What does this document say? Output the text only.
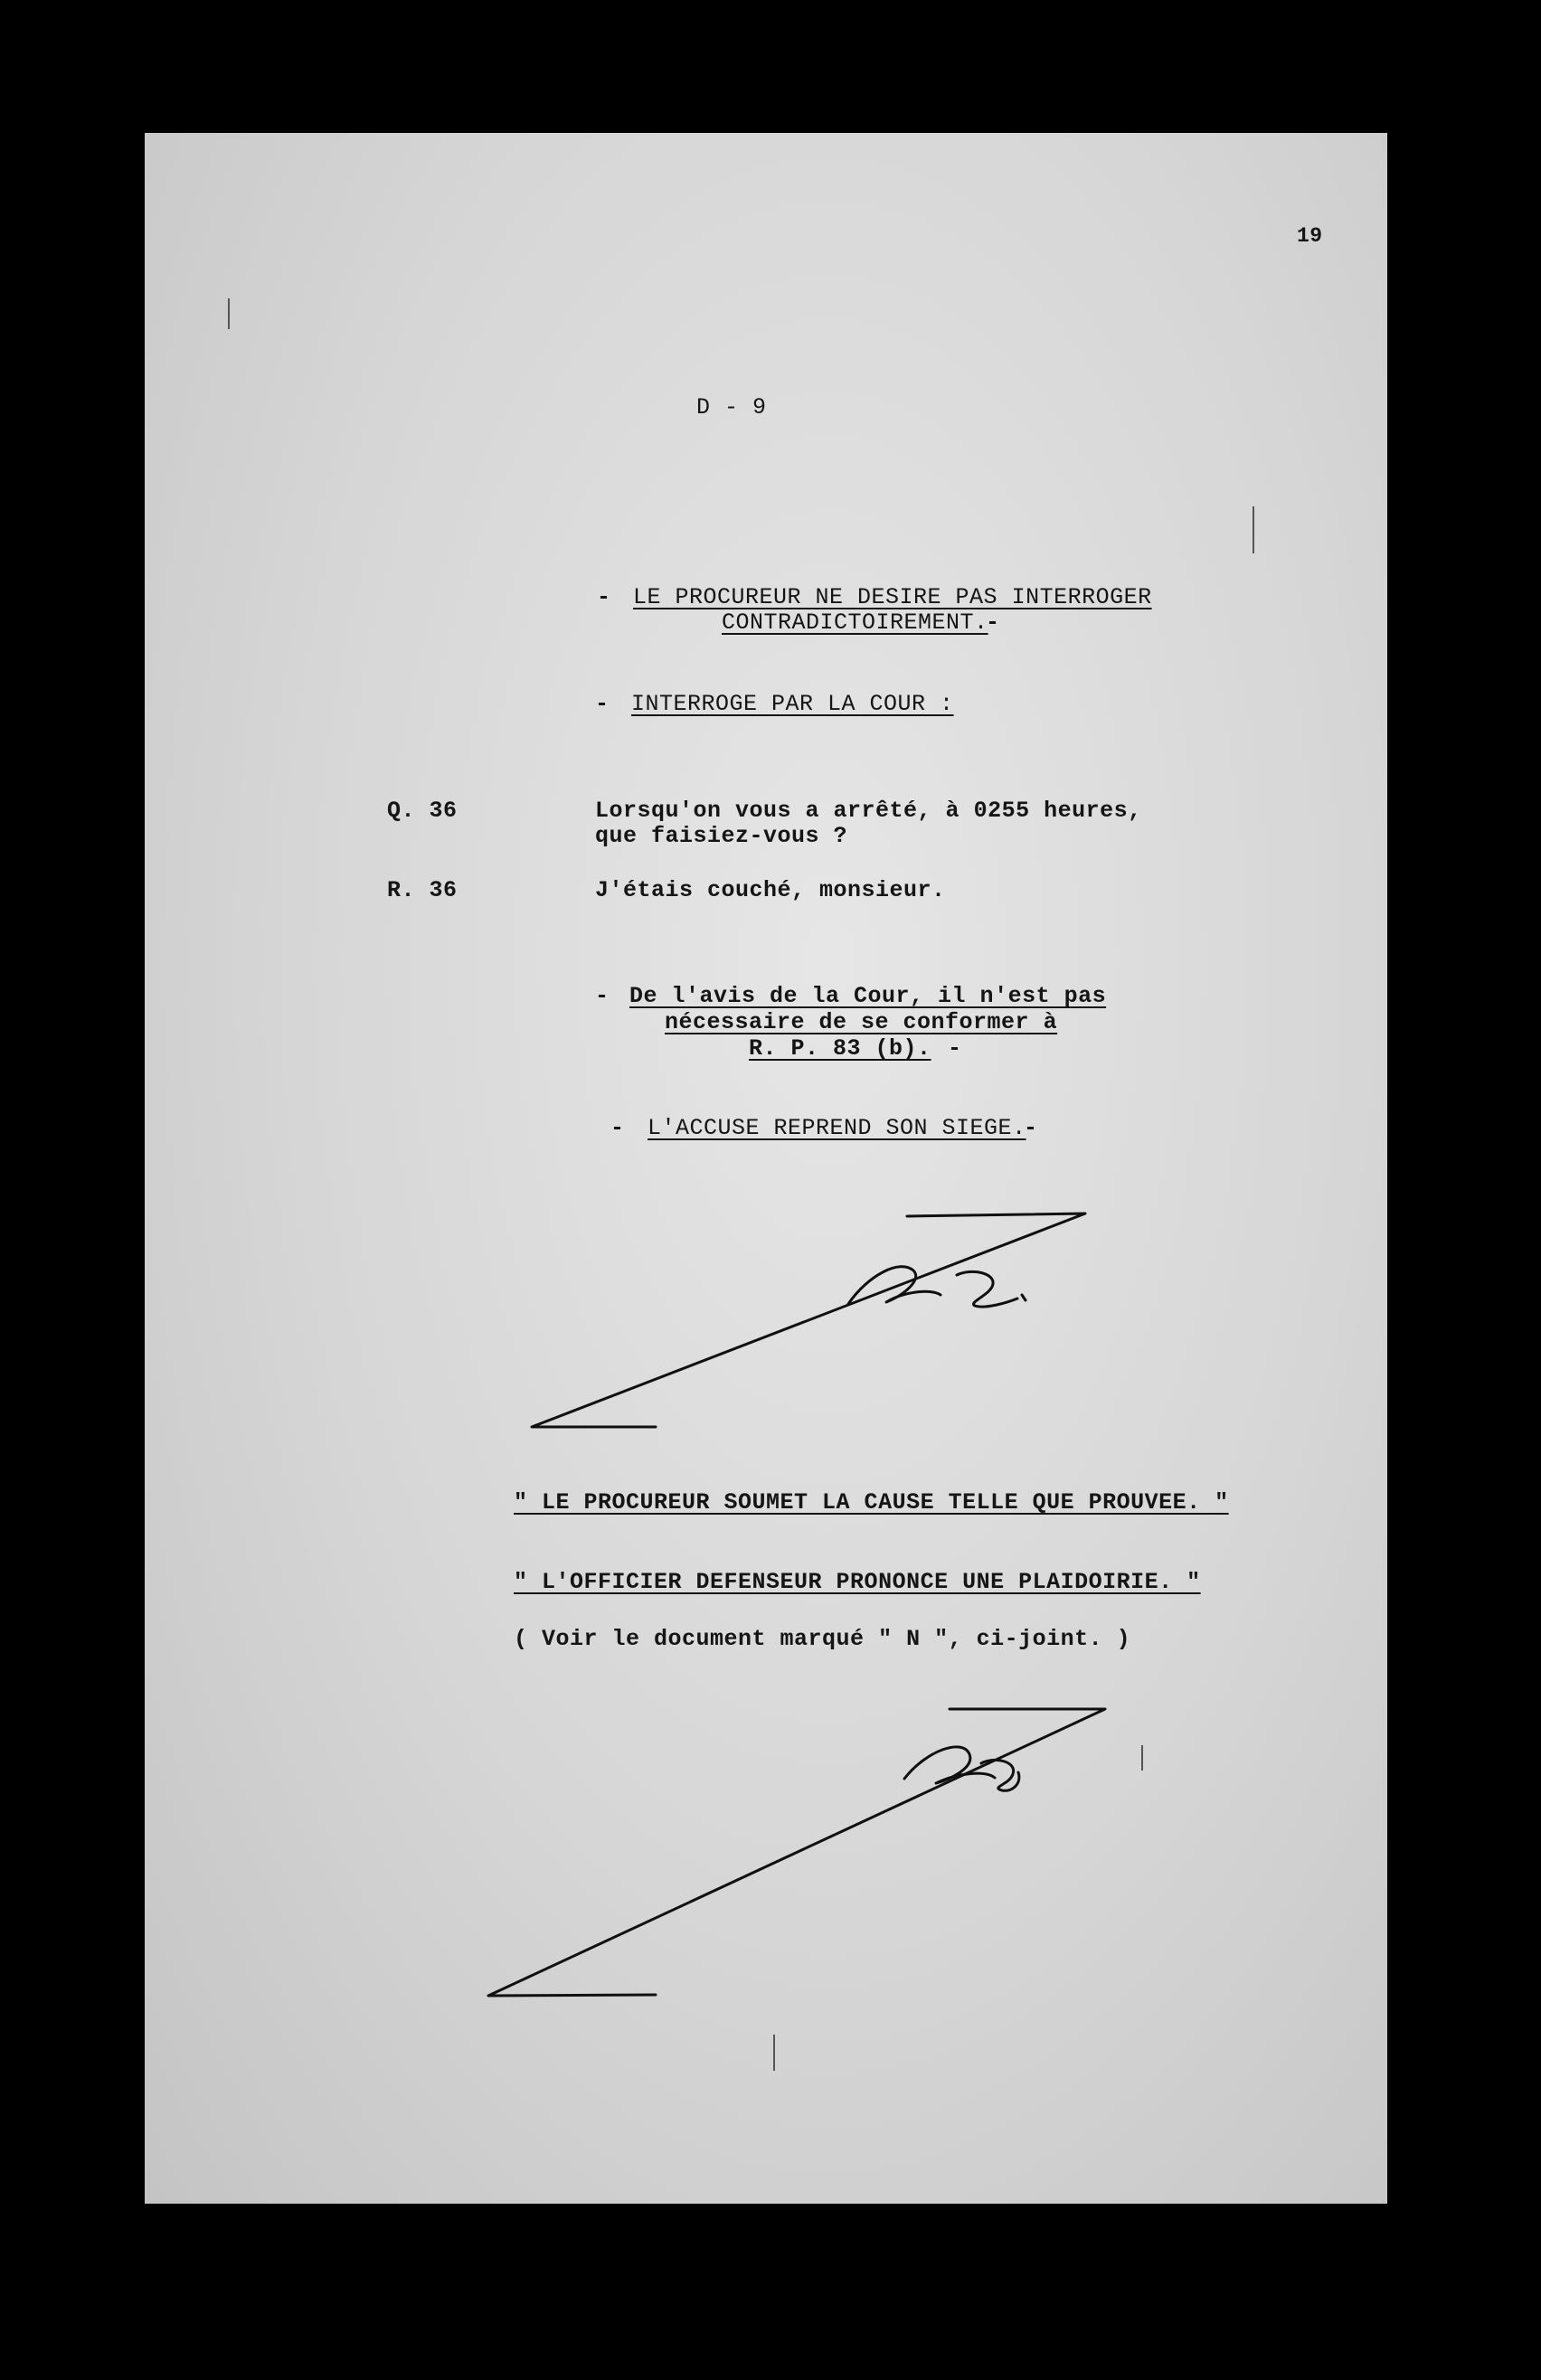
19
D - 9
- LE PROCUREUR NE DESIRE PAS INTERROGER
CONTRADICTOIREMENT.
-
- INTERROGE PAR LA COUR :
Q. 36	Lorsqu'on vous a arrêté, à 0255 heures,
que faisiez-vous ?
R. 36	J'étais couché, monsieur.
- De l'avis de la Cour, il n'est pas
nécessaire de se conformer à
R. P. 83 (b). -
- L'ACCUSE REPREND SON SIEGE.
-
" LE PROCUREUR SOUMET LA CAUSE TELLE QUE PROUVEE. "
" L'OFFICIER DEFENSEUR PRONONCE UNE PLAIDOIRIE. "
( Voir le document marqué " N ", ci-joint. )
